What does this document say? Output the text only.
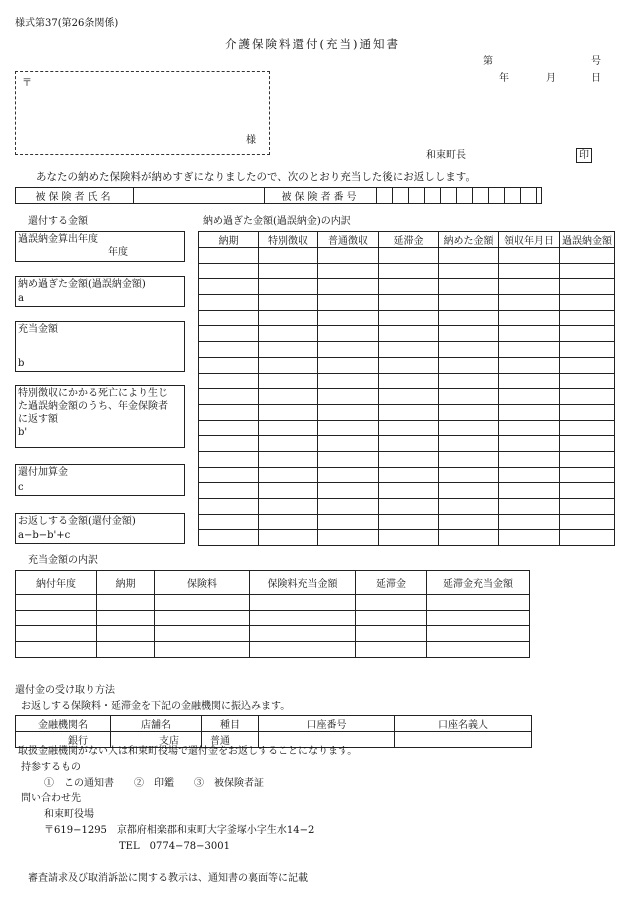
様式第37(第26条関係)
介護保険料還付(充当)通知書
第	号
年	月	日
〒
様
和束町長	印
あなたの納めた保険料が納めすぎになりましたので、次のとおり充当した後にお返しします。
被保険者氏名		被保険者番号											
還付する金額
過誤納金算出年度
年度
納め過ぎた金額(過誤納金額)
a
充当金額
b
特別徴収にかかる死亡により生じ
た過誤納金額のうち、年金保険者
に返す額
b'
還付加算金
c
お返しする金額(還付金額)
a−b−b'+c
納め過ぎた金額(過誤納金)の内訳
納期	特別徴収	普通徴収	延滞金	納めた金額	領収年月日	過誤納金額

充当金額の内訳
納付年度	納期	保険料	保険料充当金額	延滞金	延滞金充当金額

還付金の受け取り方法
お返しする保険料・延滞金を下記の金融機関に振込みます。
金融機関名	店舗名	種目	口座番号	口座名義人
銀行	支店	普通		
取扱金融機関がない人は和束町役場で還付金をお返しすることになります。
持参するもの
①　この通知書　　②　印鑑　　③　被保険者証
問い合わせ先
和束町役場
〒619−1295　京都府相楽郡和束町大字釜塚小字生水14−2
TEL　0774−78−3001
審査請求及び取消訴訟に関する教示は、通知書の裏面等に記載
